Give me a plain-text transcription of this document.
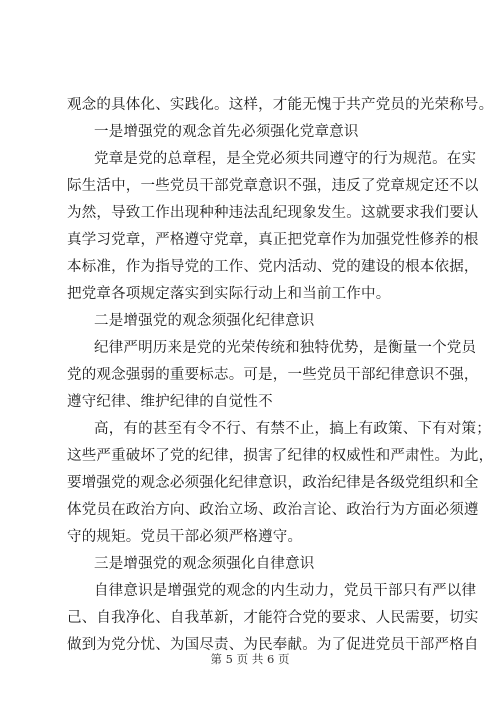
观念的具体化、实践化。这样，才能无愧于共产党员的光荣称号。
一是增强党的观念首先必须强化党章意识
党章是党的总章程，是全党必须共同遵守的行为规范。在实
际生活中，一些党员干部党章意识不强，违反了党章规定还不以
为然，导致工作出现种种违法乱纪现象发生。这就要求我们要认
真学习党章，严格遵守党章，真正把党章作为加强党性修养的根
本标准，作为指导党的工作、党内活动、党的建设的根本依据，
把党章各项规定落实到实际行动上和当前工作中。
二是增强党的观念须强化纪律意识
纪律严明历来是党的光荣传统和独特优势，是衡量一个党员
党的观念强弱的重要标志。可是，一些党员干部纪律意识不强，
遵守纪律、维护纪律的自觉性不
高，有的甚至有令不行、有禁不止，搞上有政策、下有对策；
这些严重破坏了党的纪律，损害了纪律的权威性和严肃性。为此，
要增强党的观念必须强化纪律意识，政治纪律是各级党组织和全
体党员在政治方向、政治立场、政治言论、政治行为方面必须遵
守的规矩。党员干部必须严格遵守。
三是增强党的观念须强化自律意识
自律意识是增强党的观念的内生动力，党员干部只有严以律
己、自我净化、自我革新，才能符合党的要求、人民需要，切实
做到为党分忧、为国尽责、为民奉献。为了促进党员干部严格自
第 5 页 共 6 页
